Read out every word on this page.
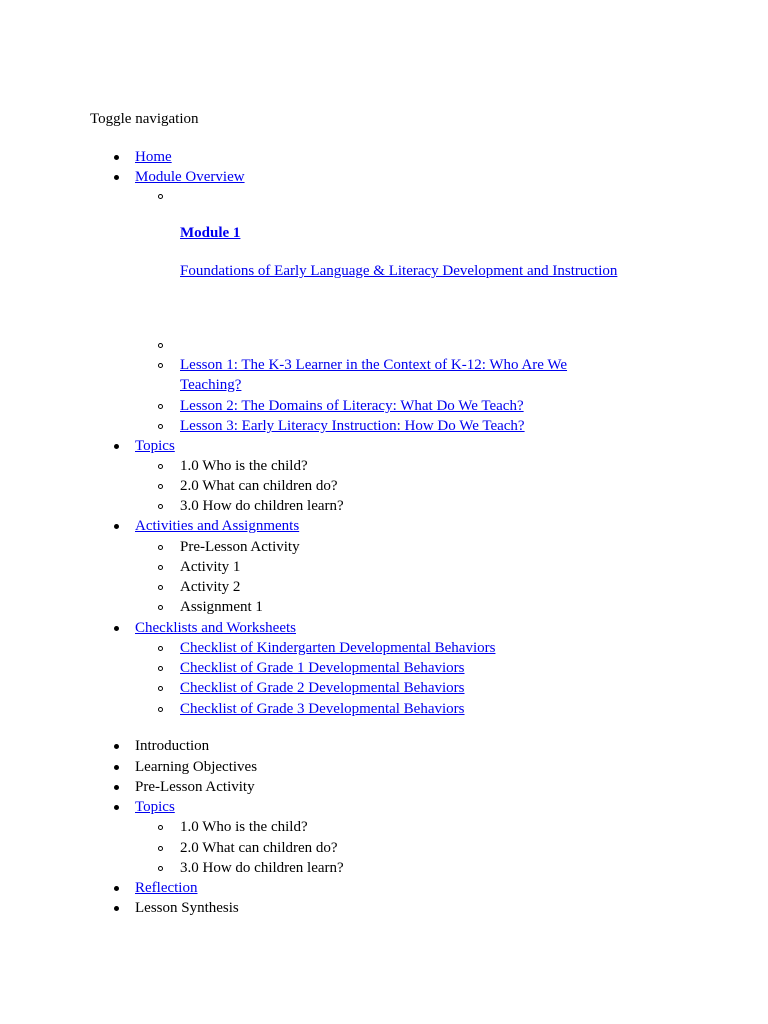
Toggle navigation
Home
Module Overview
Module 1
Foundations of Early Language & Literacy Development and Instruction
Lesson 1: The K-3 Learner in the Context of K-12: Who Are We
Teaching?
Lesson 2: The Domains of Literacy: What Do We Teach?
Lesson 3: Early Literacy Instruction: How Do We Teach?
Topics
1.0 Who is the child?
2.0 What can children do?
3.0 How do children learn?
Activities and Assignments
Pre-Lesson Activity
Activity 1
Activity 2
Assignment 1
Checklists and Worksheets
Checklist of Kindergarten Developmental Behaviors
Checklist of Grade 1 Developmental Behaviors
Checklist of Grade 2 Developmental Behaviors
Checklist of Grade 3 Developmental Behaviors
Introduction
Learning Objectives
Pre-Lesson Activity
Topics
1.0 Who is the child?
2.0 What can children do?
3.0 How do children learn?
Reflection
Lesson Synthesis
